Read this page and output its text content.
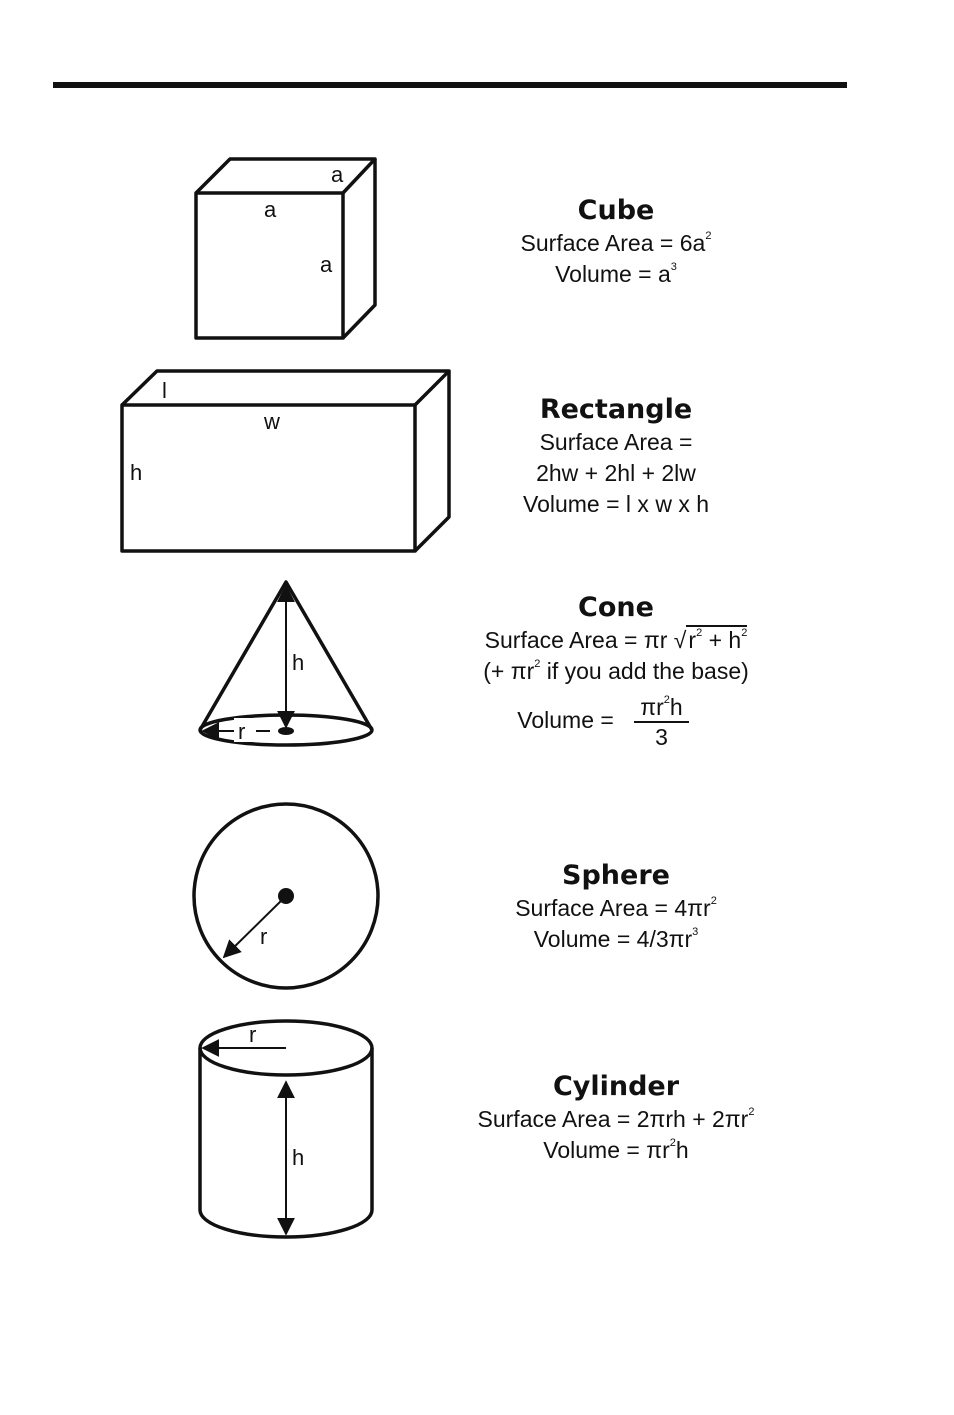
a
a
a
l
w
h
h
r
r
r
h
Cube
Surface Area = $6a^2$
Volume = $a^3$
Rectangle
Surface Area =
2hw + 2hl + 2lw
Volume = l x w x h
Cone
Surface Area = πr $√r^2 + h^2$
(+ $\pi r^2$ if you add the base)
Volume = $\frac{\pi r^2h}{3}$
Sphere
Surface Area = $4\pi r^2$
Volume = $4/3\pi r^3$
Cylinder
Surface Area = $2\pi rh + 2\pi r^2$
Volume = $\pi r^2h$
